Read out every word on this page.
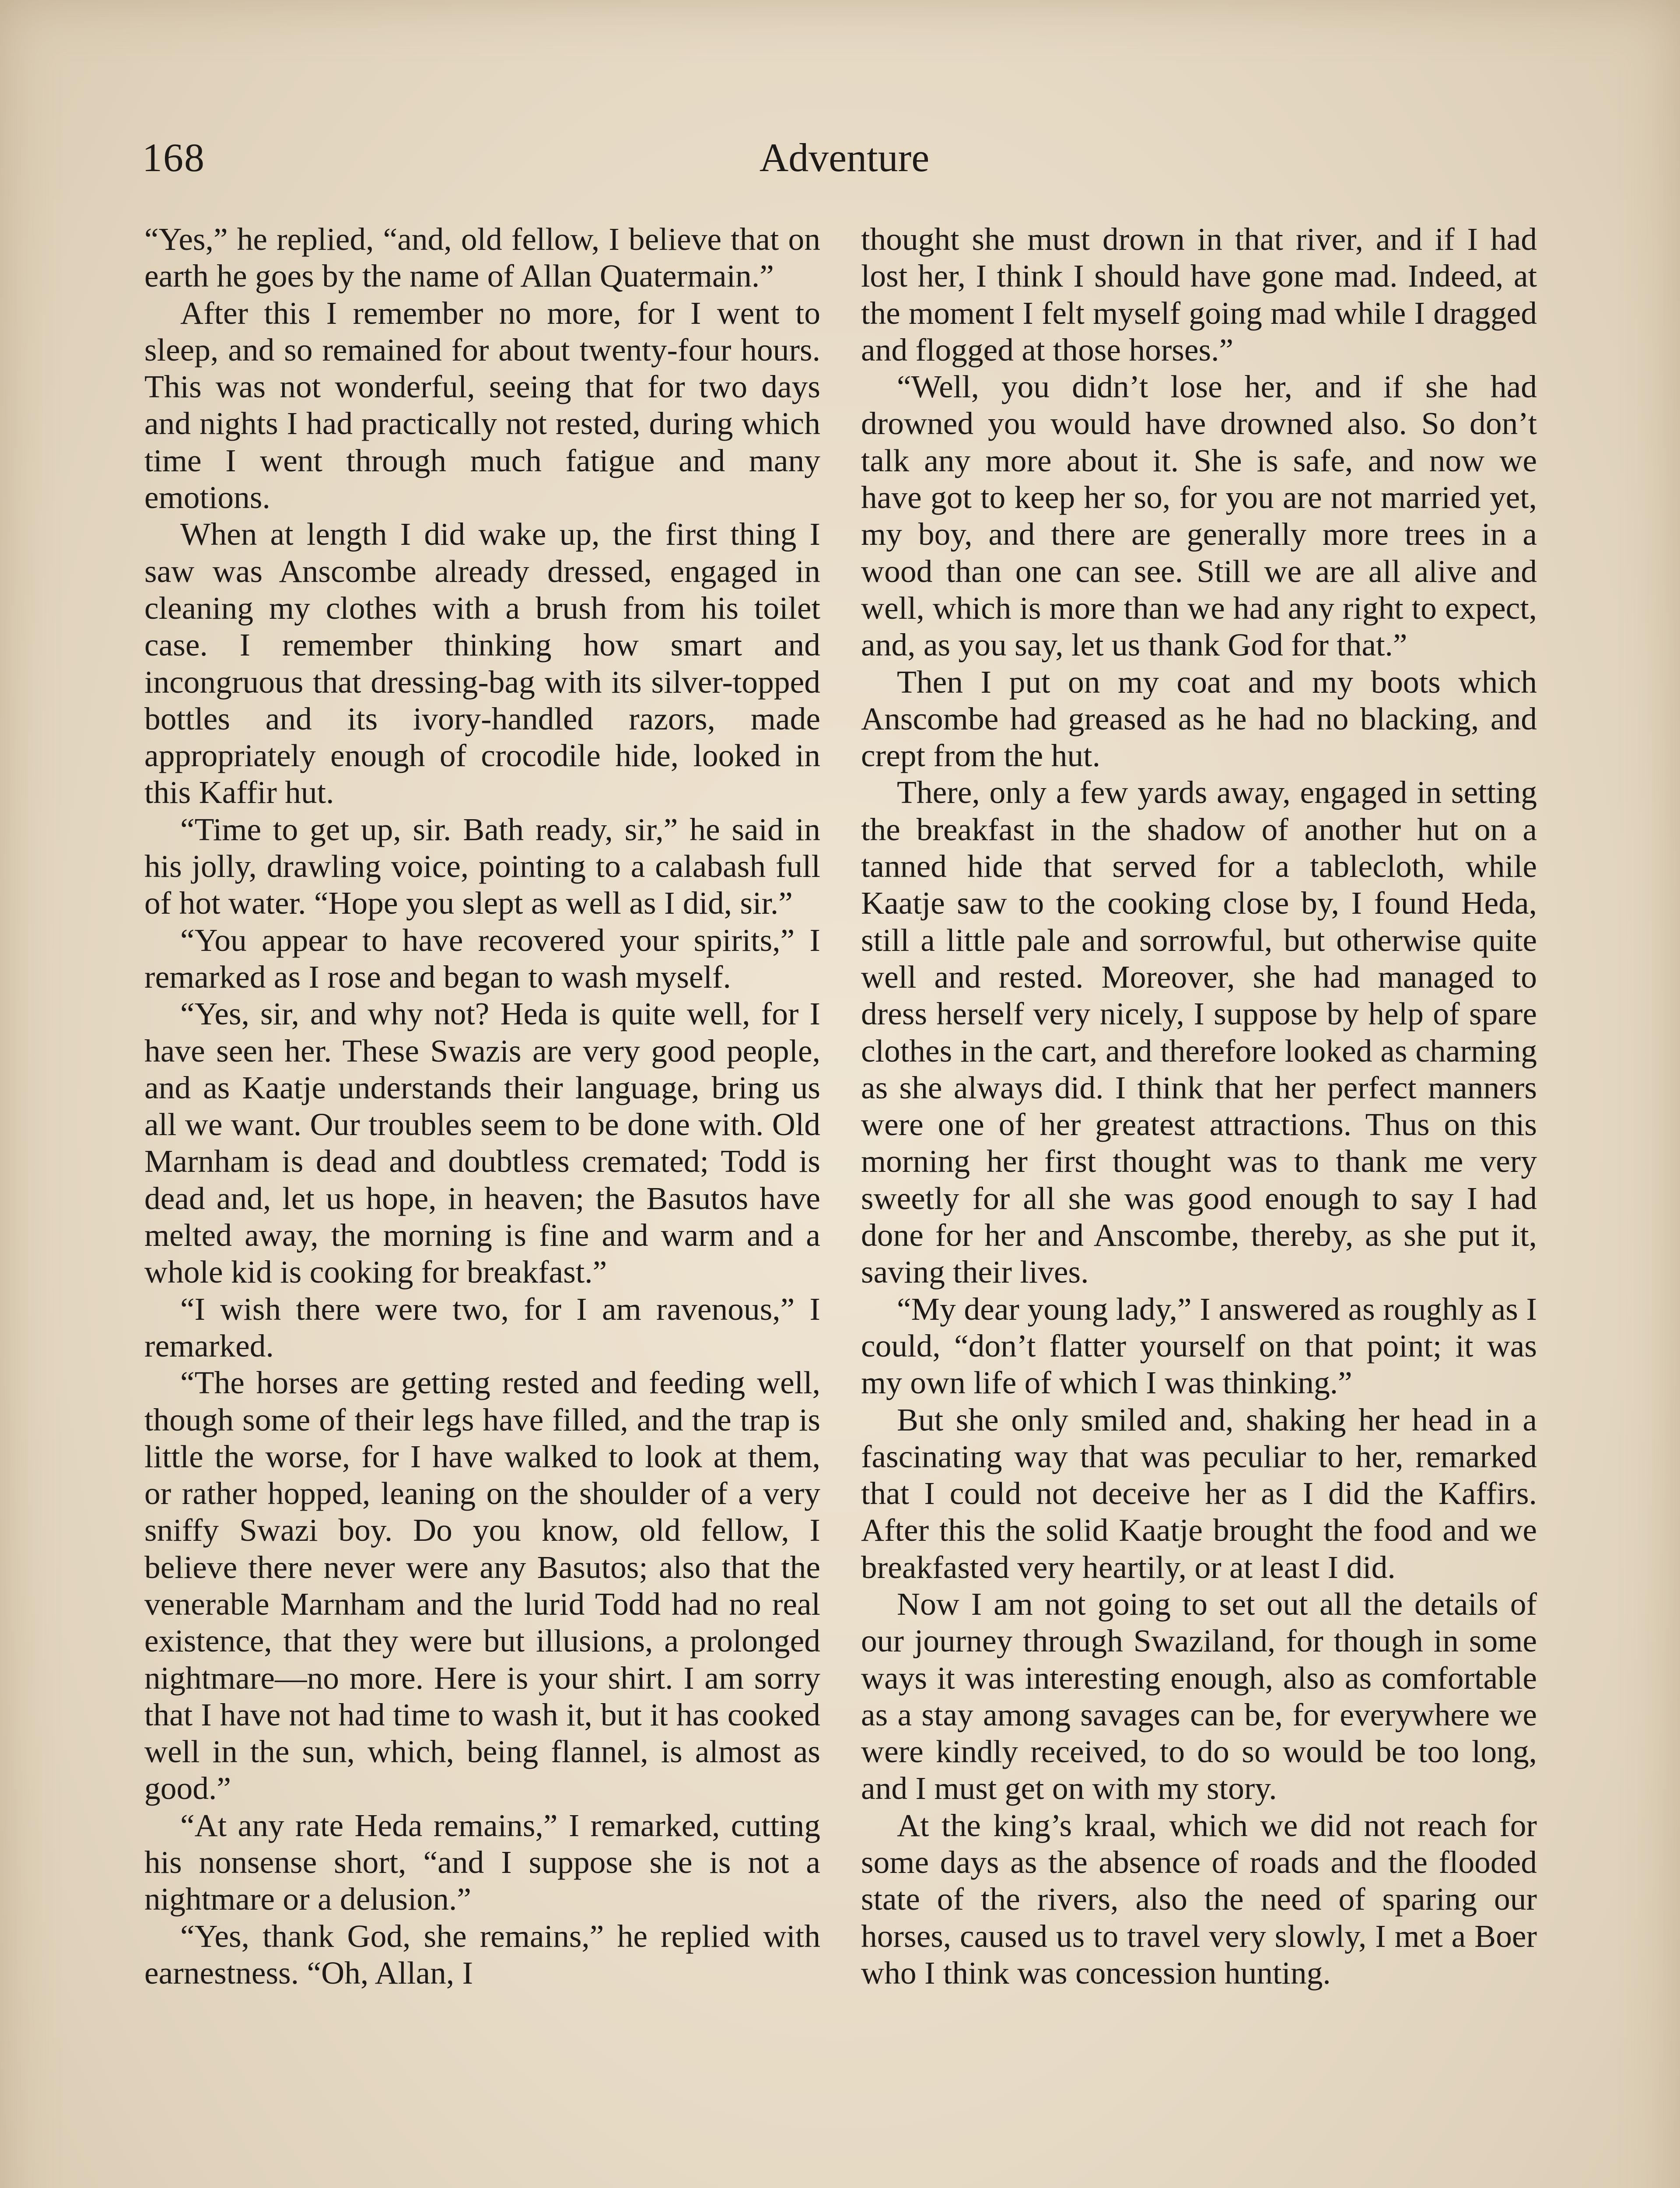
168	Adventure

“Yes,” he replied, “and, old fellow, I believe that on earth he goes by the name of Allan Quatermain.”

After this I remember no more, for I went to sleep, and so remained for about twenty-four hours. This was not wonderful, seeing that for two days and nights I had practically not rested, during which time I went through much fatigue and many emotions.

When at length I did wake up, the first thing I saw was Anscombe already dressed, engaged in cleaning my clothes with a brush from his toilet case. I remember thinking how smart and incongruous that dressing-bag with its silver-topped bottles and its ivory-handled razors, made appropriately enough of crocodile hide, looked in this Kaffir hut.

“Time to get up, sir. Bath ready, sir,” he said in his jolly, drawling voice, pointing to a calabash full of hot water. “Hope you slept as well as I did, sir.”

“You appear to have recovered your spirits,” I remarked as I rose and began to wash myself.

“Yes, sir, and why not? Heda is quite well, for I have seen her. These Swazis are very good people, and as Kaatje understands their language, bring us all we want. Our troubles seem to be done with. Old Marnham is dead and doubtless cremated; Todd is dead and, let us hope, in heaven; the Basutos have melted away, the morning is fine and warm and a whole kid is cooking for breakfast.”

“I wish there were two, for I am ravenous,” I remarked.

“The horses are getting rested and feeding well, though some of their legs have filled, and the trap is little the worse, for I have walked to look at them, or rather hopped, leaning on the shoulder of a very sniffy Swazi boy. Do you know, old fellow, I believe there never were any Basutos; also that the venerable Marnham and the lurid Todd had no real existence, that they were but illusions, a prolonged nightmare—no more. Here is your shirt. I am sorry that I have not had time to wash it, but it has cooked well in the sun, which, being flannel, is almost as good.”

“At any rate Heda remains,” I remarked, cutting his nonsense short, “and I suppose she is not a nightmare or a delusion.”

“Yes, thank God, she remains,” he replied with earnestness. “Oh, Allan, I

thought she must drown in that river, and if I had lost her, I think I should have gone mad. Indeed, at the moment I felt myself going mad while I dragged and flogged at those horses.”

“Well, you didn’t lose her, and if she had drowned you would have drowned also. So don’t talk any more about it. She is safe, and now we have got to keep her so, for you are not married yet, my boy, and there are generally more trees in a wood than one can see. Still we are all alive and well, which is more than we had any right to expect, and, as you say, let us thank God for that.”

Then I put on my coat and my boots which Anscombe had greased as he had no blacking, and crept from the hut.

There, only a few yards away, engaged in setting the breakfast in the shadow of another hut on a tanned hide that served for a tablecloth, while Kaatje saw to the cooking close by, I found Heda, still a little pale and sorrowful, but otherwise quite well and rested. Moreover, she had managed to dress herself very nicely, I suppose by help of spare clothes in the cart, and therefore looked as charming as she always did. I think that her perfect manners were one of her greatest attractions. Thus on this morning her first thought was to thank me very sweetly for all she was good enough to say I had done for her and Anscombe, thereby, as she put it, saving their lives.

“My dear young lady,” I answered as roughly as I could, “don’t flatter yourself on that point; it was my own life of which I was thinking.”

But she only smiled and, shaking her head in a fascinating way that was peculiar to her, remarked that I could not deceive her as I did the Kaffirs. After this the solid Kaatje brought the food and we breakfasted very heartily, or at least I did.

Now I am not going to set out all the details of our journey through Swaziland, for though in some ways it was interesting enough, also as comfortable as a stay among savages can be, for everywhere we were kindly received, to do so would be too long, and I must get on with my story.

At the king’s kraal, which we did not reach for some days as the absence of roads and the flooded state of the rivers, also the need of sparing our horses, caused us to travel very slowly, I met a Boer who I think was concession hunting.
